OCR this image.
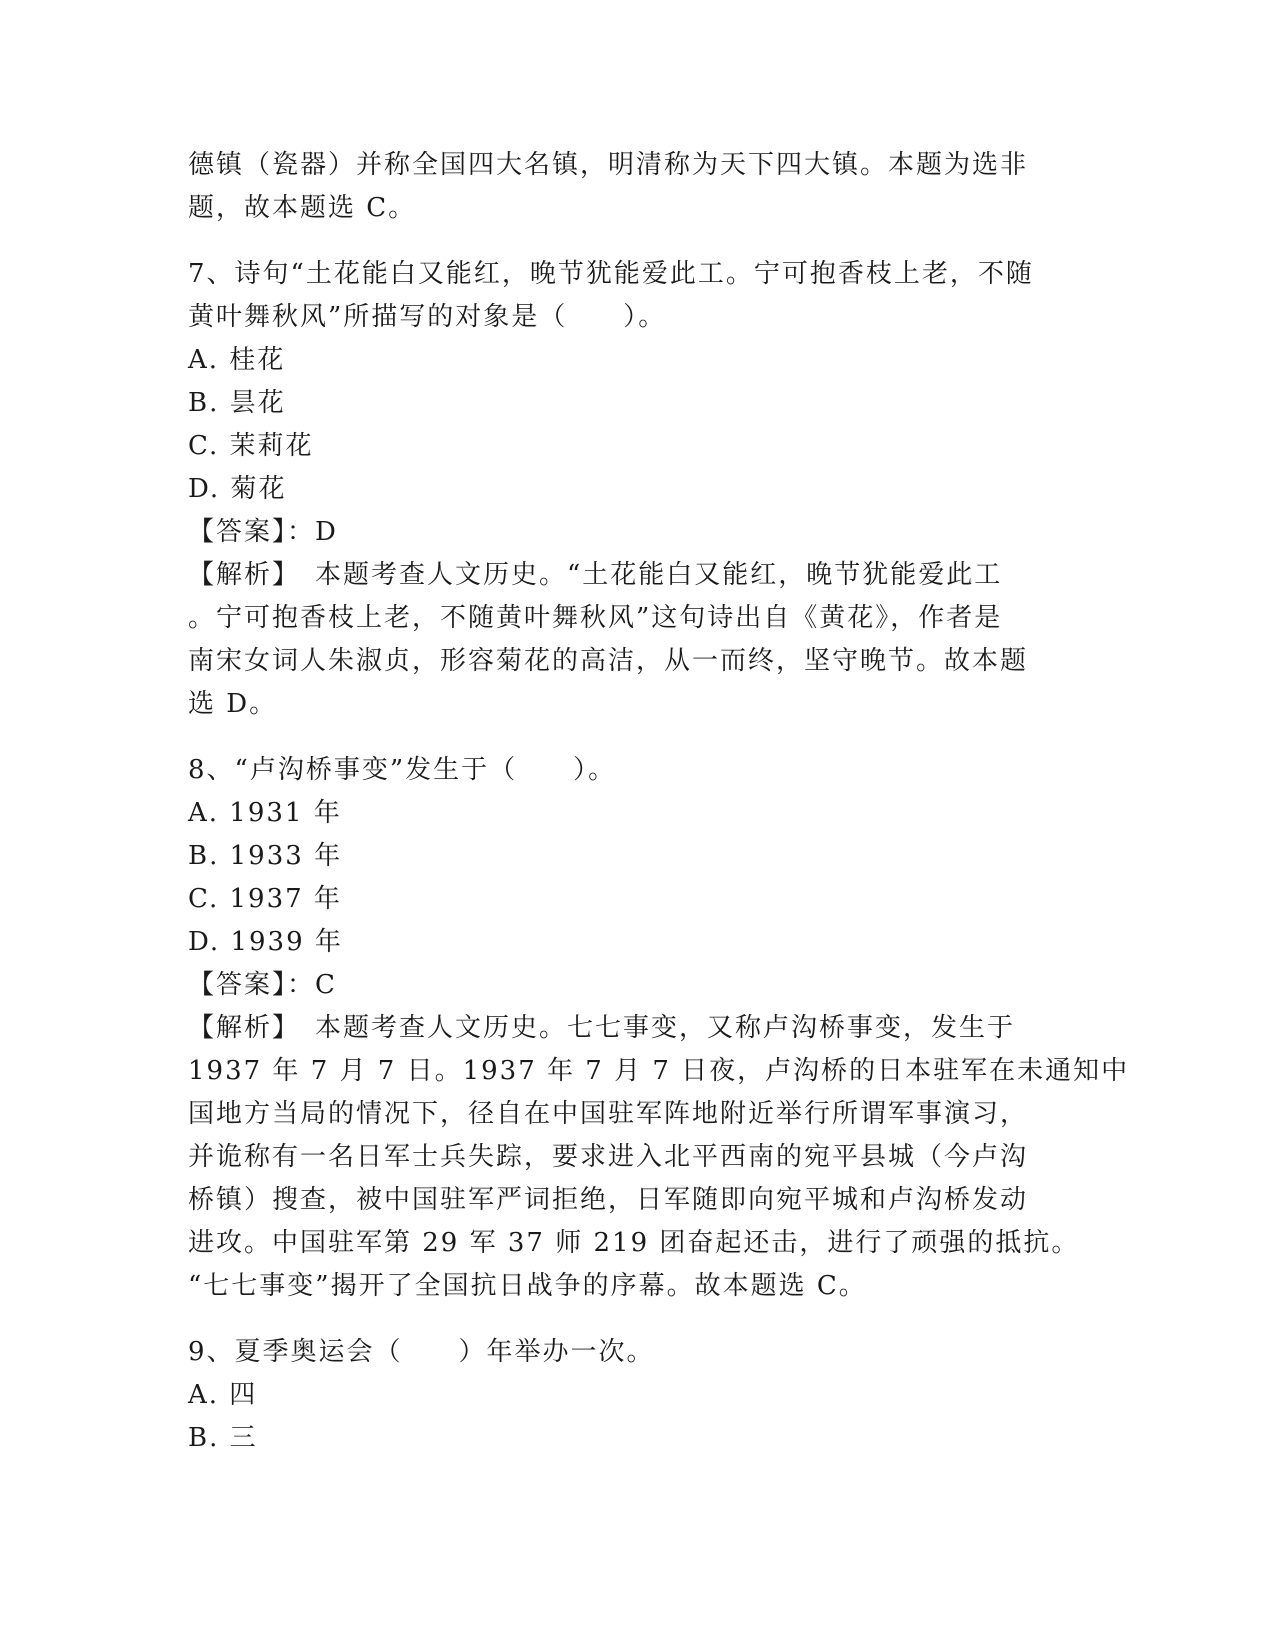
德镇（瓷器）并称全国四大名镇，明清称为天下四大镇。本题为选非
题，故本题选 C。
7、诗句“土花能白又能红，晚节犹能爱此工。宁可抱香枝上老，不随
黄叶舞秋风”所描写的对象是（　　）。
A. 桂花
B. 昙花
C. 茉莉花
D. 菊花
【答案】：D
【解析】　本题考查人文历史。“土花能白又能红，晚节犹能爱此工
。宁可抱香枝上老，不随黄叶舞秋风”这句诗出自《黄花》，作者是
南宋女词人朱淑贞，形容菊花的高洁，从一而终，坚守晚节。故本题
选 D。
8、“卢沟桥事变”发生于（　　）。
A. 1931 年
B. 1933 年
C. 1937 年
D. 1939 年
【答案】：C
【解析】　本题考查人文历史。七七事变，又称卢沟桥事变，发生于
1937 年 7 月 7 日。1937 年 7 月 7 日夜，卢沟桥的日本驻军在未通知中
国地方当局的情况下，径自在中国驻军阵地附近举行所谓军事演习，
并诡称有一名日军士兵失踪，要求进入北平西南的宛平县城（今卢沟
桥镇）搜查，被中国驻军严词拒绝，日军随即向宛平城和卢沟桥发动
进攻。中国驻军第 29 军 37 师 219 团奋起还击，进行了顽强的抵抗。
“七七事变”揭开了全国抗日战争的序幕。故本题选 C。
9、夏季奥运会（　　）年举办一次。
A. 四
B. 三
